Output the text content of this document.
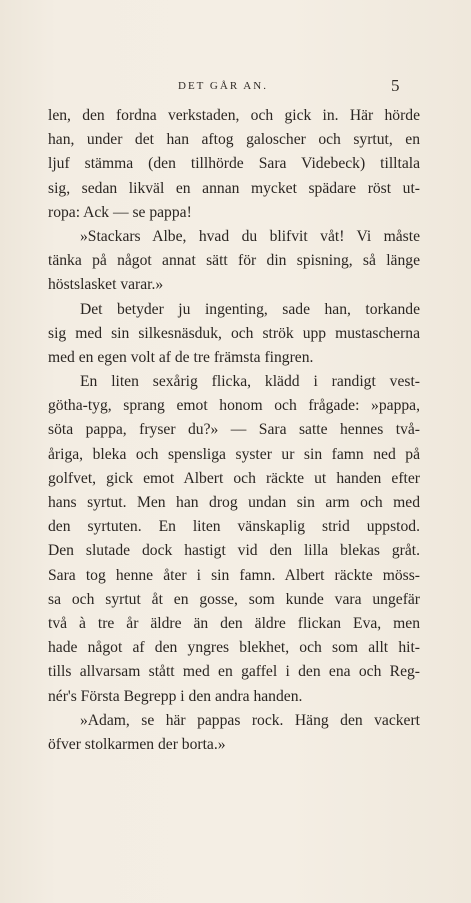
DET GÅR AN.	5
len, den fordna verkstaden, och gick in. Här hörde
han, under det han aftog galoscher och syrtut, en
ljuf stämma (den tillhörde Sara Videbeck) tilltala
sig, sedan likväl en annan mycket spädare röst ut-
ropa: Ack — se pappa!
»Stackars Albe, hvad du blifvit våt! Vi måste
tänka på något annat sätt för din spisning, så länge
höstslasket varar.»
Det betyder ju ingenting, sade han, torkande
sig med sin silkesnäsduk, och strök upp mustascherna
med en egen volt af de tre främsta fingren.
En liten sexårig flicka, klädd i randigt vest-
götha-tyg, sprang emot honom och frågade: »pappa,
söta pappa, fryser du?» — Sara satte hennes två-
åriga, bleka och spensliga syster ur sin famn ned på
golfvet, gick emot Albert och räckte ut handen efter
hans syrtut. Men han drog undan sin arm och med
den syrtuten. En liten vänskaplig strid uppstod.
Den slutade dock hastigt vid den lilla blekas gråt.
Sara tog henne åter i sin famn. Albert räckte möss-
sa och syrtut åt en gosse, som kunde vara ungefär
två à tre år äldre än den äldre flickan Eva, men
hade något af den yngres blekhet, och som allt hit-
tills allvarsam stått med en gaffel i den ena och Reg-
nér's Första Begrepp i den andra handen.
»Adam, se här pappas rock. Häng den vackert
öfver stolkarmen der borta.»
